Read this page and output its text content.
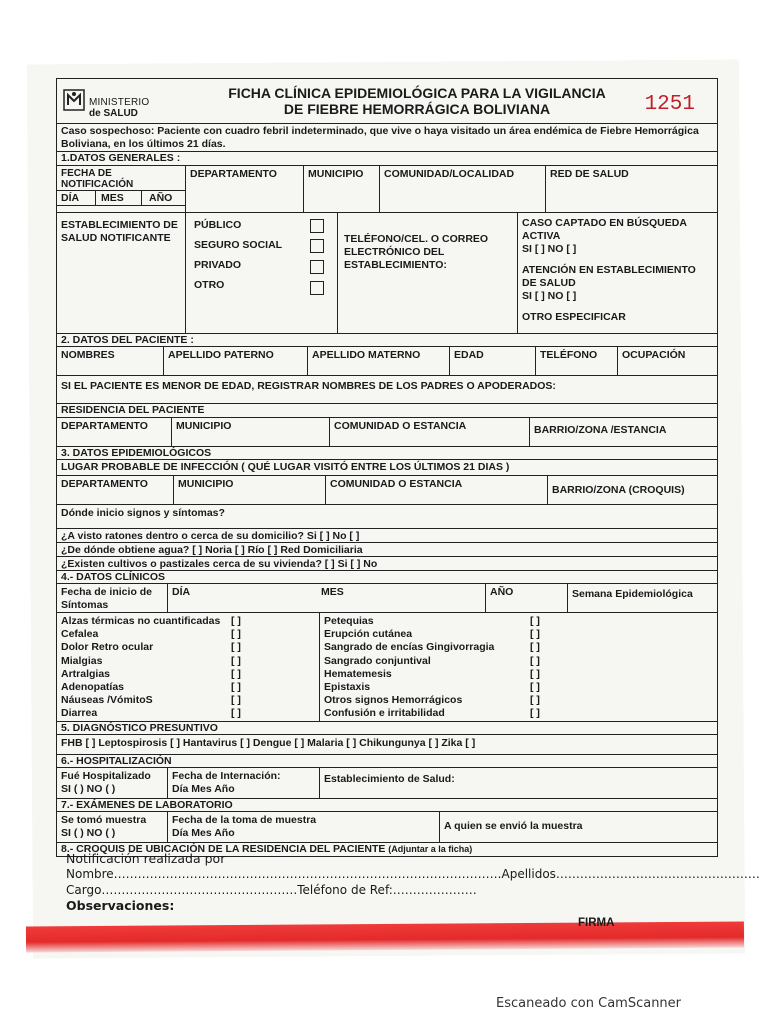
MINISTERIO
de SALUD
FICHA CLÍNICA EPIDEMIOLÓGICA PARA LA VIGILANCIA
DE FIEBRE HEMORRÁGICA BOLIVIANA	1251
Caso sospechoso: Paciente con cuadro febril indeterminado, que vive o haya visitado un área endémica de Fiebre Hemorrágica Boliviana, en los últimos 21 días.
1.DATOS GENERALES :
FECHA DE NOTIFICACIÓN
DÍA MES AÑO
DEPARTAMENTO	MUNICIPIO	COMUNIDAD/LOCALIDAD	RED DE SALUD
ESTABLECIMIENTO DE SALUD NOTIFICANTE
PÚBLICO
SEGURO SOCIAL
PRIVADO
OTRO
TELÉFONO/CEL. O CORREO ELECTRÓNICO DEL ESTABLECIMIENTO:
CASO CAPTADO EN BÚSQUEDA ACTIVA
SI [ ] NO [ ]
ATENCIÓN EN ESTABLECIMIENTO DE SALUD
SI [ ] NO [ ]
OTRO ESPECIFICAR
2. DATOS DEL PACIENTE :
NOMBRES	APELLIDO PATERNO	APELLIDO MATERNO	EDAD	TELÉFONO	OCUPACIÓN
SI EL PACIENTE ES MENOR DE EDAD, REGISTRAR NOMBRES DE LOS PADRES O APODERADOS:
RESIDENCIA DEL PACIENTE
DEPARTAMENTO	MUNICIPIO	COMUNIDAD O ESTANCIA	BARRIO/ZONA /ESTANCIA
3. DATOS EPIDEMIOLÓGICOS
LUGAR PROBABLE DE INFECCIÓN ( QUÉ LUGAR VISITÓ ENTRE LOS ÚLTIMOS 21 DIAS )
DEPARTAMENTO	MUNICIPIO	COMUNIDAD O ESTANCIA	BARRIO/ZONA (CROQUIS)
Dónde inicio signos y síntomas?
¿A visto ratones dentro o cerca de su domicilio? Si [ ] No [ ]
¿De dónde obtiene agua? [ ] Noria [ ] Río [ ] Red Domiciliaria
¿Existen cultivos o pastizales cerca de su vivienda? [ ] Si [ ] No
4.- DATOS CLÍNICOS
Fecha de inicio de Síntomas
DÍA	MES	AÑO	Semana Epidemiológica
Alzas térmicas no cuantificadas [ ]
Cefalea	[ ]
Dolor Retro ocular	[ ]
Mialgias	[ ]
Artralgias	[ ]
Adenopatías	[ ]
Náuseas /VómitoS	[ ]
Diarrea	[ ]
Petequias	[ ]
Erupción cutánea	[ ]
Sangrado de encías Gingivorragia	[ ]
Sangrado conjuntival	[ ]
Hematemesis	[ ]
Epistaxis	[ ]
Otros signos Hemorrágicos	[ ]
Confusión e irritabilidad	[ ]
5. DIAGNÓSTICO PRESUNTIVO
FHB [ ] Leptospirosis [ ] Hantavirus [ ] Dengue [ ] Malaria [ ] Chikungunya [ ] Zika [ ]
6.- HOSPITALIZACIÓN
Fué Hospitalizado
SI ( ) NO ( )
Fecha de Internación:
Día Mes Año
Establecimiento de Salud:
7.- EXÁMENES DE LABORATORIO
Se tomó muestra
SI ( ) NO ( )
Fecha de la toma de muestra
Día Mes Año
A quien se envió la muestra
8.- CROQUIS DE UBICACIÓN DE LA RESIDENCIA DEL PACIENTE (Adjuntar a la ficha)
Notificación realizada por
Nombre…………………………………………………………………………………….Apellidos……………………………………………
Cargo………………………………………….Teléfono de Ref:…………………
Observaciones:
FIRMA
Escaneado con CamScanner
